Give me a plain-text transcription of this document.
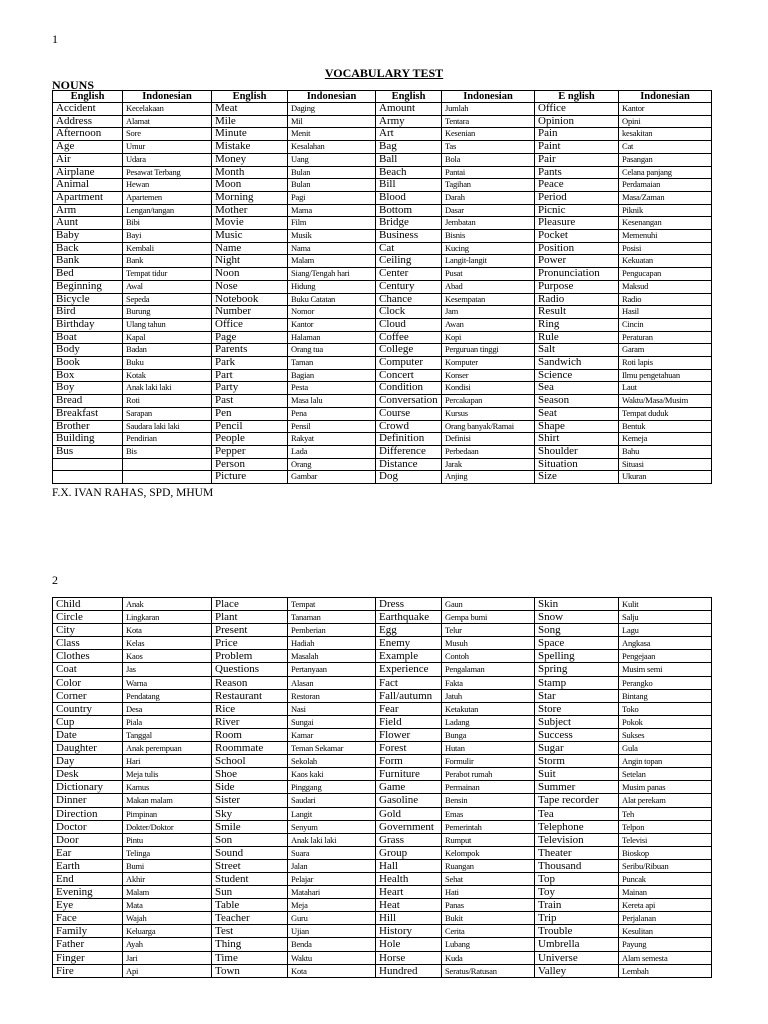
1
VOCABULARY TEST
NOUNS
English	Indonesian	English	Indonesian	English	Indonesian	E nglish	Indonesian
Accident	Kecelakaan	Meat	Daging	Amount	Jumlah	Office	Kantor
Address	Alamat	Mile	Mil	Army	Tentara	Opinion	Opini
Afternoon	Sore	Minute	Menit	Art	Kesenian	Pain	kesakitan
Age	Umur	Mistake	Kesalahan	Bag	Tas	Paint	Cat
Air	Udara	Money	Uang	Ball	Bola	Pair	Pasangan
Airplane	Pesawat Terbang	Month	Bulan	Beach	Pantai	Pants	Celana panjang
Animal	Hewan	Moon	Bulan	Bill	Tagihan	Peace	Perdamaian
Apartment	Apartemen	Morning	Pagi	Blood	Darah	Period	Masa/Zaman
Arm	Lengan/tangan	Mother	Mama	Bottom	Dasar	Picnic	Piknik
Aunt	Bibi	Movie	Film	Bridge	Jembatan	Pleasure	Kesenangan
Baby	Bayi	Music	Musik	Business	Bisnis	Pocket	Memenuhi
Back	Kembali	Name	Nama	Cat	Kucing	Position	Posisi
Bank	Bank	Night	Malam	Ceiling	Langit-langit	Power	Kekuatan
Bed	Tempat tidur	Noon	Siang/Tengah hari	Center	Pusat	Pronunciation	Pengucapan
Beginning	Awal	Nose	Hidung	Century	Abad	Purpose	Maksud
Bicycle	Sepeda	Notebook	Buku Catatan	Chance	Kesempatan	Radio	Radio
Bird	Burung	Number	Nomor	Clock	Jam	Result	Hasil
Birthday	Ulang tahun	Office	Kantor	Cloud	Awan	Ring	Cincin
Boat	Kapal	Page	Halaman	Coffee	Kopi	Rule	Peraturan
Body	Badan	Parents	Orang tua	College	Perguruan tinggi	Salt	Garam
Book	Buku	Park	Taman	Computer	Komputer	Sandwich	Roti lapis
Box	Kotak	Part	Bagian	Concert	Konser	Science	Ilmu pengetahuan
Boy	Anak laki laki	Party	Pesta	Condition	Kondisi	Sea	Laut
Bread	Roti	Past	Masa lalu	Conversation	Percakapan	Season	Waktu/Masa/Musim
Breakfast	Sarapan	Pen	Pena	Course	Kursus	Seat	Tempat duduk
Brother	Saudara laki laki	Pencil	Pensil	Crowd	Orang banyak/Ramai	Shape	Bentuk
Building	Pendirian	People	Rakyat	Definition	Definisi	Shirt	Kemeja
Bus	Bis	Pepper	Lada	Difference	Perbedaan	Shoulder	Bahu
		Person	Orang	Distance	Jarak	Situation	Situasi
		Picture	Gambar	Dog	Anjing	Size	Ukuran
F.X. IVAN RAHAS, SPD, MHUM
2
Child	Anak	Place	Tempat	Dress	Gaun	Skin	Kulit
Circle	Lingkaran	Plant	Tanaman	Earthquake	Gempa bumi	Snow	Salju
City	Kota	Present	Pemberian	Egg	Telur	Song	Lagu
Class	Kelas	Price	Hadiah	Enemy	Musuh	Space	Angkasa
Clothes	Kaos	Problem	Masalah	Example	Contoh	Spelling	Pengejaan
Coat	Jas	Questions	Pertanyaan	Experience	Pengalaman	Spring	Musim semi
Color	Warna	Reason	Alasan	Fact	Fakta	Stamp	Perangko
Corner	Pendatang	Restaurant	Restoran	Fall/autumn	Jatuh	Star	Bintang
Country	Desa	Rice	Nasi	Fear	Ketakutan	Store	Toko
Cup	Piala	River	Sungai	Field	Ladang	Subject	Pokok
Date	Tanggal	Room	Kamar	Flower	Bunga	Success	Sukses
Daughter	Anak perempuan	Roommate	Teman Sekamar	Forest	Hutan	Sugar	Gula
Day	Hari	School	Sekolah	Form	Formulir	Storm	Angin topan
Desk	Meja tulis	Shoe	Kaos kaki	Furniture	Perabot rumah	Suit	Setelan
Dictionary	Kamus	Side	Pinggang	Game	Permainan	Summer	Musim panas
Dinner	Makan malam	Sister	Saudari	Gasoline	Bensin	Tape recorder	Alat perekam
Direction	Pimpinan	Sky	Langit	Gold	Emas	Tea	Teh
Doctor	Dokter/Doktor	Smile	Senyum	Government	Pemerintah	Telephone	Telpon
Door	Pintu	Son	Anak laki laki	Grass	Rumput	Television	Televisi
Ear	Telinga	Sound	Suara	Group	Kelompok	Theater	Bioskop
Earth	Bumi	Street	Jalan	Hall	Ruangan	Thousand	Seribu/Ribuan
End	Akhir	Student	Pelajar	Health	Sehat	Top	Puncak
Evening	Malam	Sun	Matahari	Heart	Hati	Toy	Mainan
Eye	Mata	Table	Meja	Heat	Panas	Train	Kereta api
Face	Wajah	Teacher	Guru	Hill	Bukit	Trip	Perjalanan
Family	Keluarga	Test	Ujian	History	Cerita	Trouble	Kesulitan
Father	Ayah	Thing	Benda	Hole	Lubang	Umbrella	Payung
Finger	Jari	Time	Waktu	Horse	Kuda	Universe	Alam semesta
Fire	Api	Town	Kota	Hundred	Seratus/Ratusan	Valley	Lembah
